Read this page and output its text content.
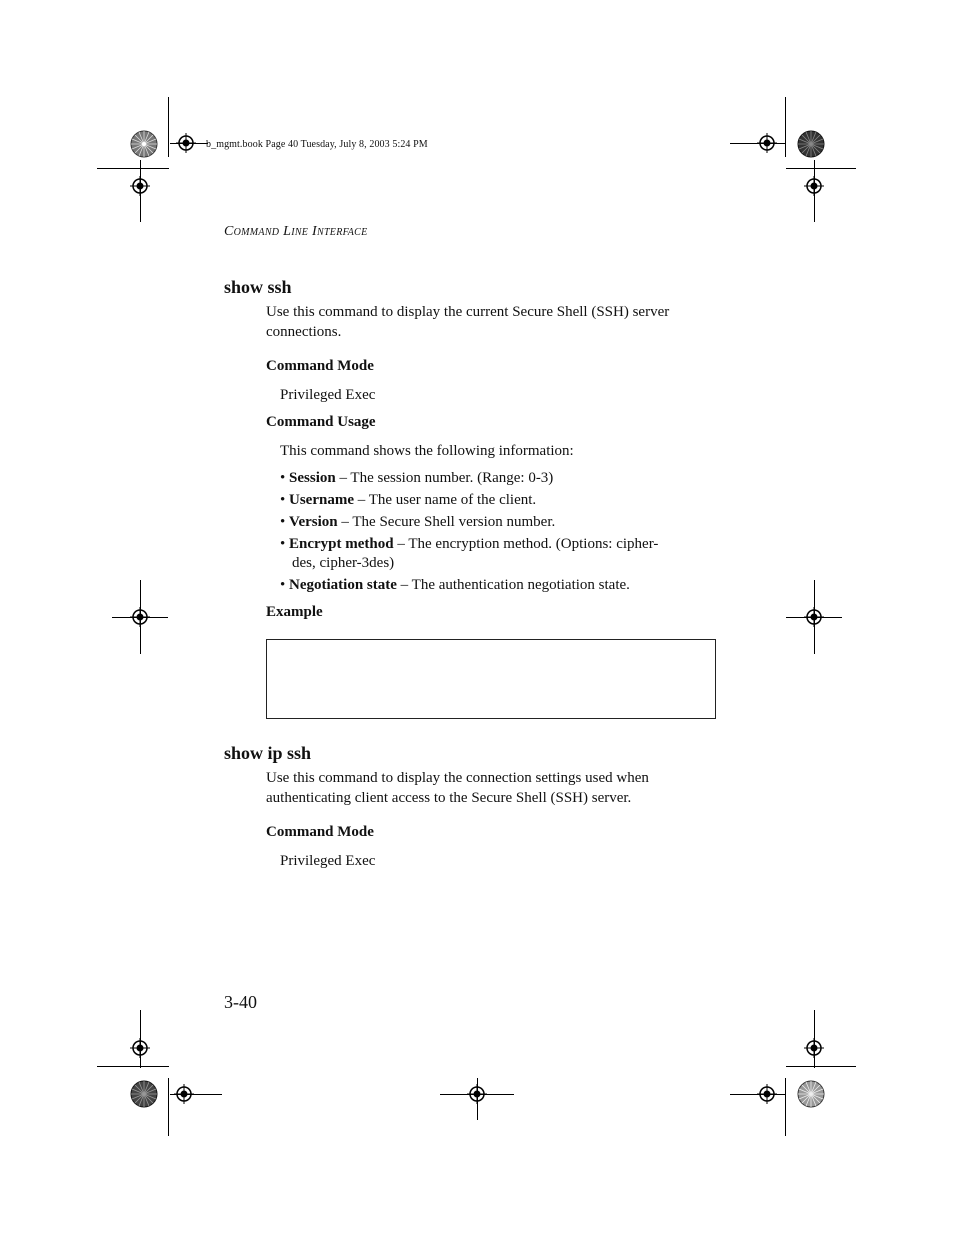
b_mgmt.book Page 40 Tuesday, July 8, 2003 5:24 PM
Command Line Interface
show ssh
Use this command to display the current Secure Shell (SSH) server connections.
Command Mode
Privileged Exec
Command Usage
This command shows the following information:
• Session – The session number. (Range: 0-3)
• Username – The user name of the client.
• Version – The Secure Shell version number.
• Encrypt method – The encryption method. (Options: cipher-des, cipher-3des)
• Negotiation state – The authentication negotiation state.
Example
show ip ssh
Use this command to display the connection settings used when authenticating client access to the Secure Shell (SSH) server.
Command Mode
Privileged Exec
3-40
